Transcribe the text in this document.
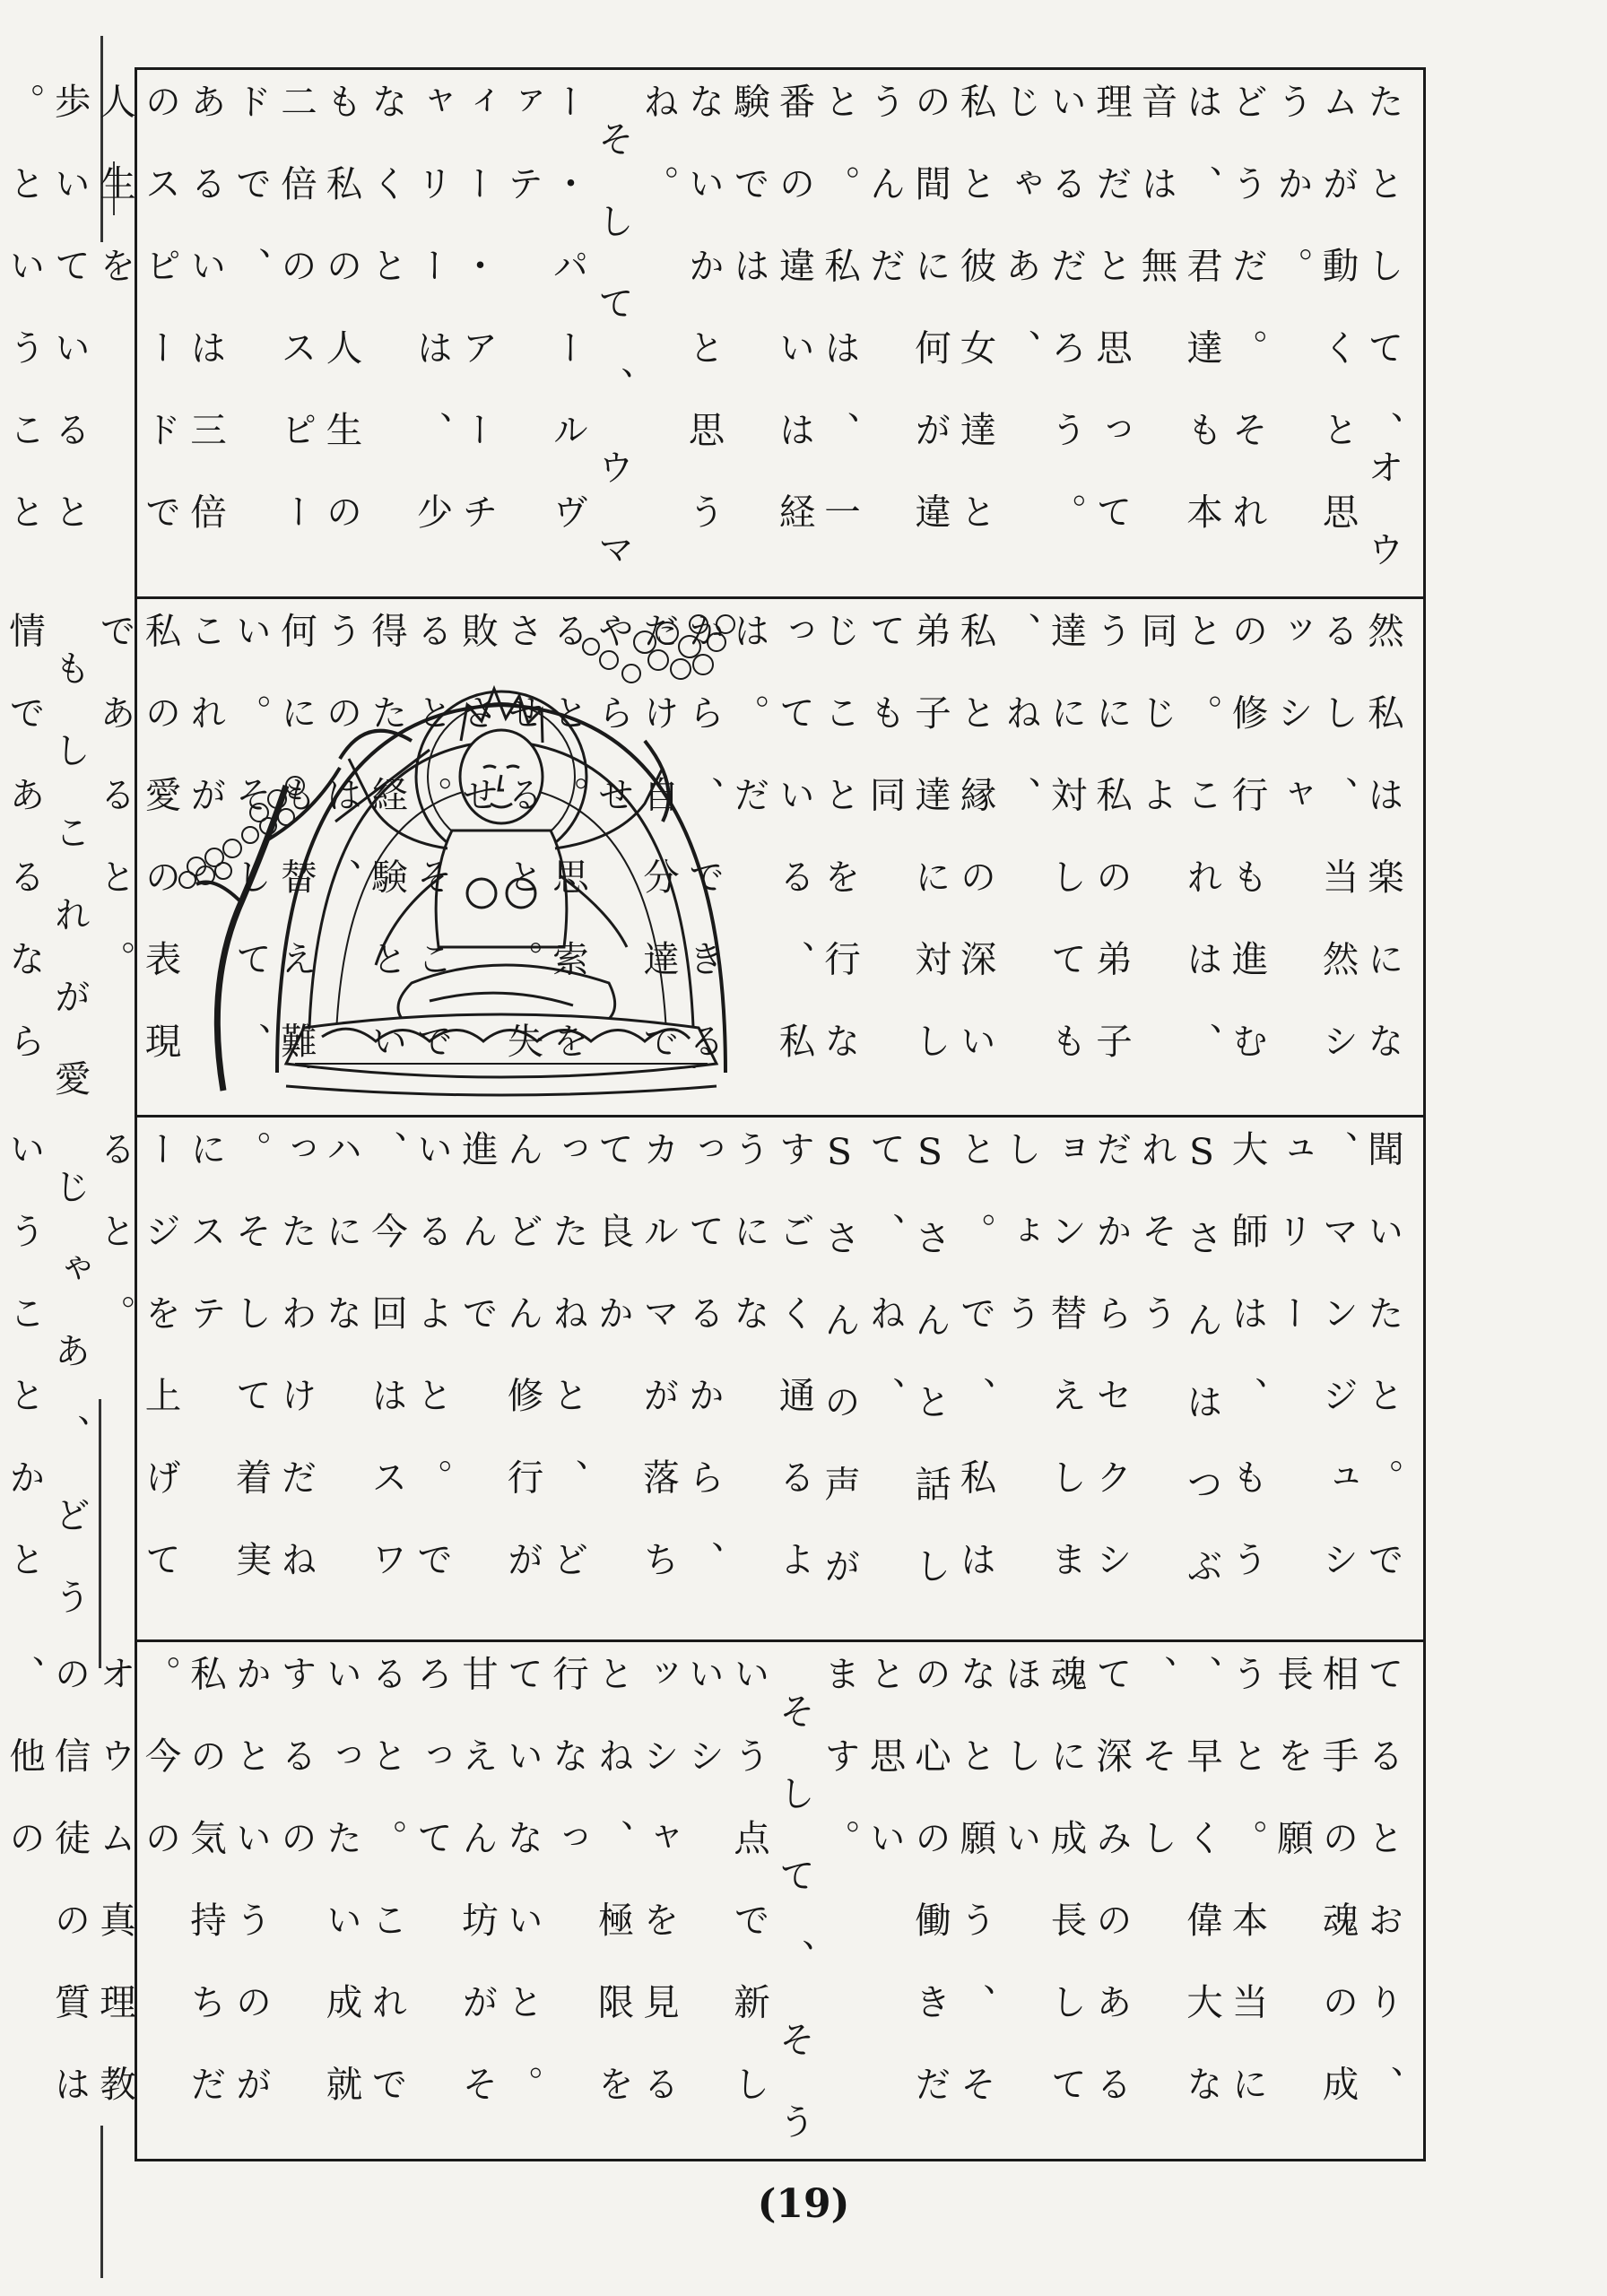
た と し て 、オ ウ ム が 動 く と 思 う か 。
ど う だ 。 そ れ は 、 君 達 も 本 音 は 無
理 だ と 思 っ て い る だ ろ う 。 じ ゃ あ 、
私 と 彼 女 達 と の 間 に 何 が 違 う ん だ
と 。 私 は 、 一 番 の 違 い は 経 験 で は
な い か と 思 う ね 。
　そ し て 、 ウ マ ー ・ パ ー ル ヴ ァ テ
ィ ー ・ ア ー チ ャ リ ー は 、 少 な く と
も 私 の 人 生 の 二 倍 の ス ピ ー ド で 、
あ る い は 三 倍 の ス ピ ー ド で 人 生 を
歩 い て い る と 。 と い う こ と

然 私 は 楽 に な る し 、 当 然 シ ッ シ ャ
の 修 行 も 進 む と 。 こ れ は 、 同 じ よ
う に 私 の 弟 子 達 に 対 し て も 、 ね 、
私 と 縁 の 深 い 弟 子 達 に 対 し て も 同
じ こ と を 行 な っ て い る 、 私 は 。 だ
か ら 、 で き る だ け 自 分 達 で や ら せ
る と 。 思 索 を さ せ る と 。 失 敗 さ せ
る と 。 そ こ で 得 た 経 験 と い う の は 、
何 に も 替 え 難 い 。 そ し て 、 こ れ が
私 の 愛 の 表 現 で あ る と 。
　も し こ れ が 愛 情 で あ る な ら

聞 い た と 。 で 、 マ ン ジ ュ シ ュ リ ー
大 師 は 、 も う S さ ん は つ ぶ れ そ う
だ か ら セ ク シ ョ ン 替 え し ま し ょ う
と 。 で 、 私 は S さ ん と 話 し て 、 ね 、
S さ ん の 声 が す ご く 通 る よ う に な
っ て る か ら 、 カ ル マ が 落 ち て 良 か
っ た ね と 、 ど ん ど ん 修 行 が 進 ん で
い る よ と 。 で 、 今 回 は ス ワ ハ に な
っ た わ け だ ね 。 そ し て 着 実 に ス テ
ー ジ を 上 げ て る と 。
　じ ゃ あ 、 ど う い う こ と か と

て る と お り 、 相 手 の 魂 の 成 長 を 願
う と 。 本 当 に 、 早 く 偉 大 な 、 そ し
て 深 み の あ る 魂 に 成 長 し て ほ し い
な と 願 う 、 そ の 心 の 働 き だ と 思 い
ま す 。
　そ し て 、 そ う い う 点 で 新 し い シ
ッ シ ャ を 見 る と ね 、 極 限 を 行 な っ
て い な い と 。 甘 え ん 坊 が そ ろ っ て
る と 。 こ れ で い っ た い 成 就 す る の
か と い う の が 私 の 気 持 ち だ 。 今 の
オ ウ ム 真 理 教 の 信 徒 の 質 は 、 他 の

(19)
